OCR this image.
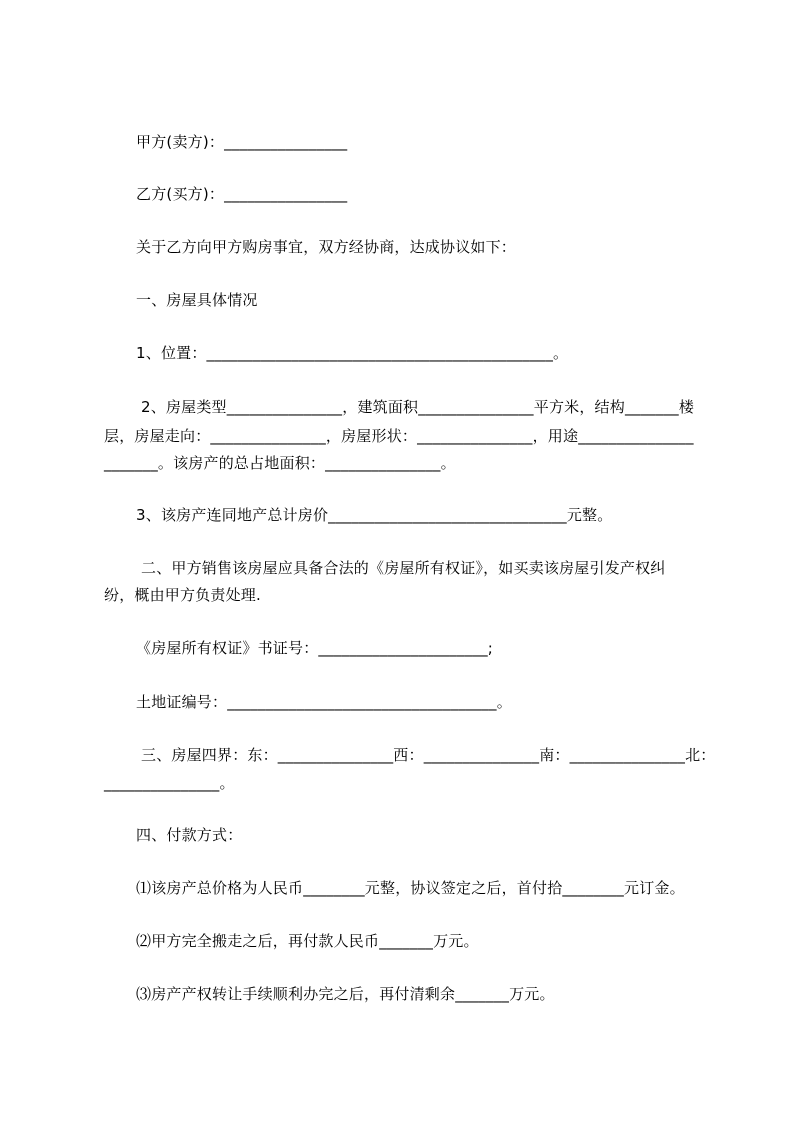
甲方(卖方)：________________
乙方(买方)：________________
关于乙方向甲方购房事宜，双方经协商，达成协议如下：
一、房屋具体情况
1、位置：_____________________________________________。
2、房屋类型_______________，建筑面积_______________平方米，结构_______楼
层，房屋走向：_______________，房屋形状：_______________，用途_______________
_______。该房产的总占地面积：_______________。
3、该房产连同地产总计房价_______________________________元整。
二、甲方销售该房屋应具备合法的《房屋所有权证》，如买卖该房屋引发产权纠
纷，概由甲方负责处理.
《房屋所有权证》书证号：______________________;
土地证编号：___________________________________。
三、房屋四界：东：_______________西：_______________南：_______________北：
_______________。
四、付款方式：
⑴该房产总价格为人民币________元整，协议签定之后，首付拾________元订金。
⑵甲方完全搬走之后，再付款人民币_______万元。
⑶房产产权转让手续顺利办完之后，再付清剩余_______万元。
